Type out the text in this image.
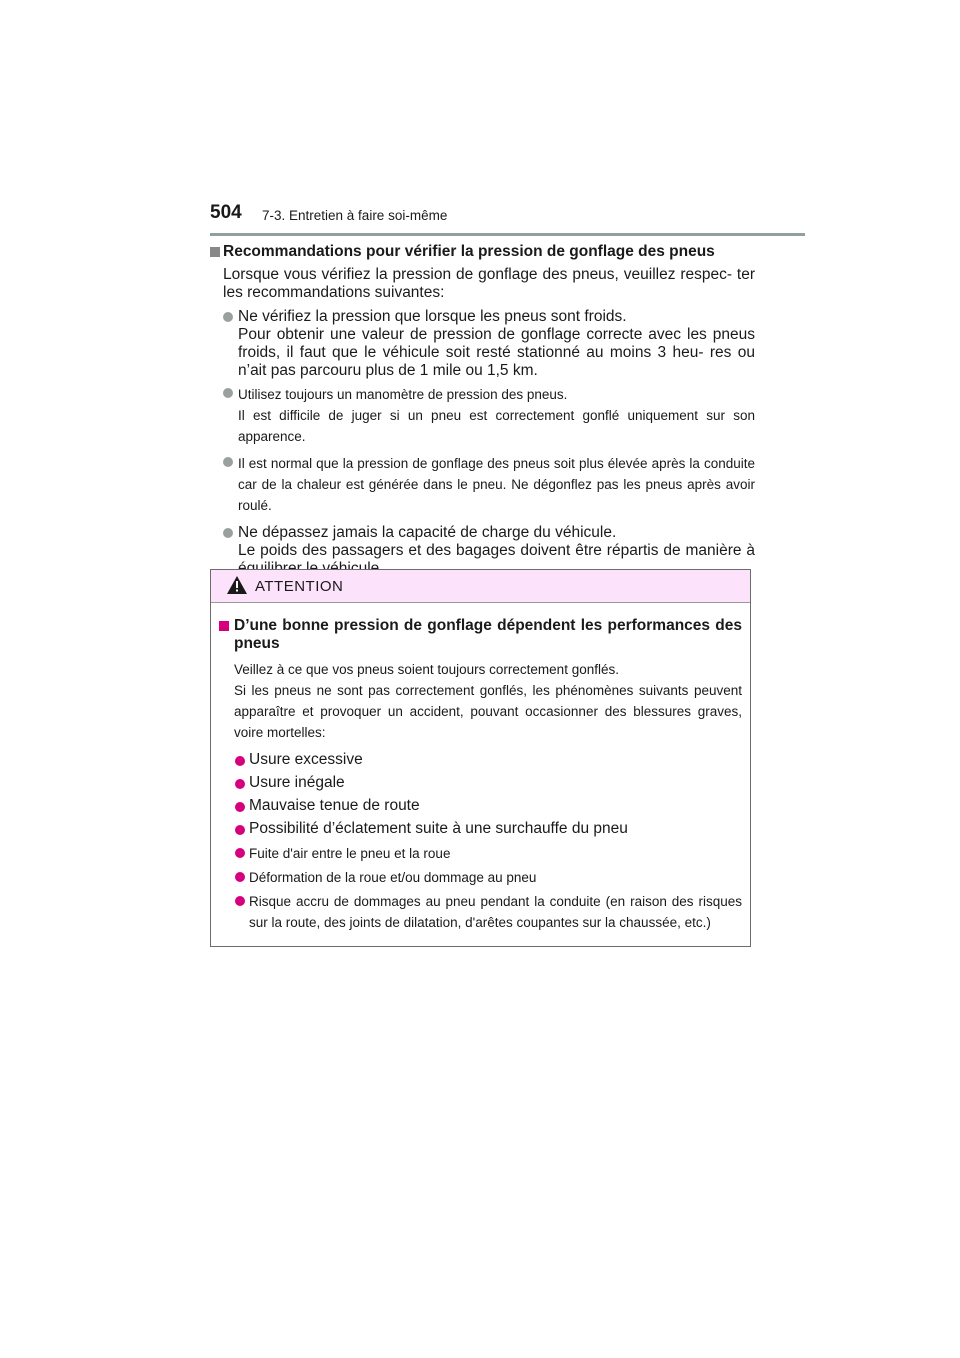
504 7-3. Entretien à faire soi-même
Recommandations pour vérifier la pression de gonflage des pneus

Lorsque vous vérifiez la pression de gonflage des pneus, veuillez respec- ter les recommandations suivantes:

Ne vérifiez la pression que lorsque les pneus sont froids.
Pour obtenir une valeur de pression de gonflage correcte avec les pneus froids, il faut que le véhicule soit resté stationné au moins 3 heu- res ou n’ait pas parcouru plus de 1 mile ou 1,5 km.
Utilisez toujours un manomètre de pression des pneus.
Il est difficile de juger si un pneu est correctement gonflé uniquement sur son apparence.
Il est normal que la pression de gonflage des pneus soit plus élevée après la conduite car de la chaleur est générée dans le pneu. Ne dégonflez pas les pneus après avoir roulé.
Ne dépassez jamais la capacité de charge du véhicule.
Le poids des passagers et des bagages doivent être répartis de manière à
ATTENTION
D’une bonne pression de gonflage dépendent les performances des pneus

Veillez à ce que vos pneus soient toujours correctement gonflés.
Si les pneus ne sont pas correctement gonflés, les phénomènes suivants peuvent apparaître et provoquer un accident, pouvant occasionner des blessures graves, voire mortelles:

Usure excessive
Usure inégale
Mauvaise tenue de route
Possibilité d’éclatement suite à une surchauffe du pneu
Fuite d'air entre le pneu et la roue
Déformation de la roue et/ou dommage au pneu
Risque accru de dommages au pneu pendant la conduite (en raison des risques sur la route, des joints de dilatation, d'arêtes coupantes sur la chaussée, etc.)
